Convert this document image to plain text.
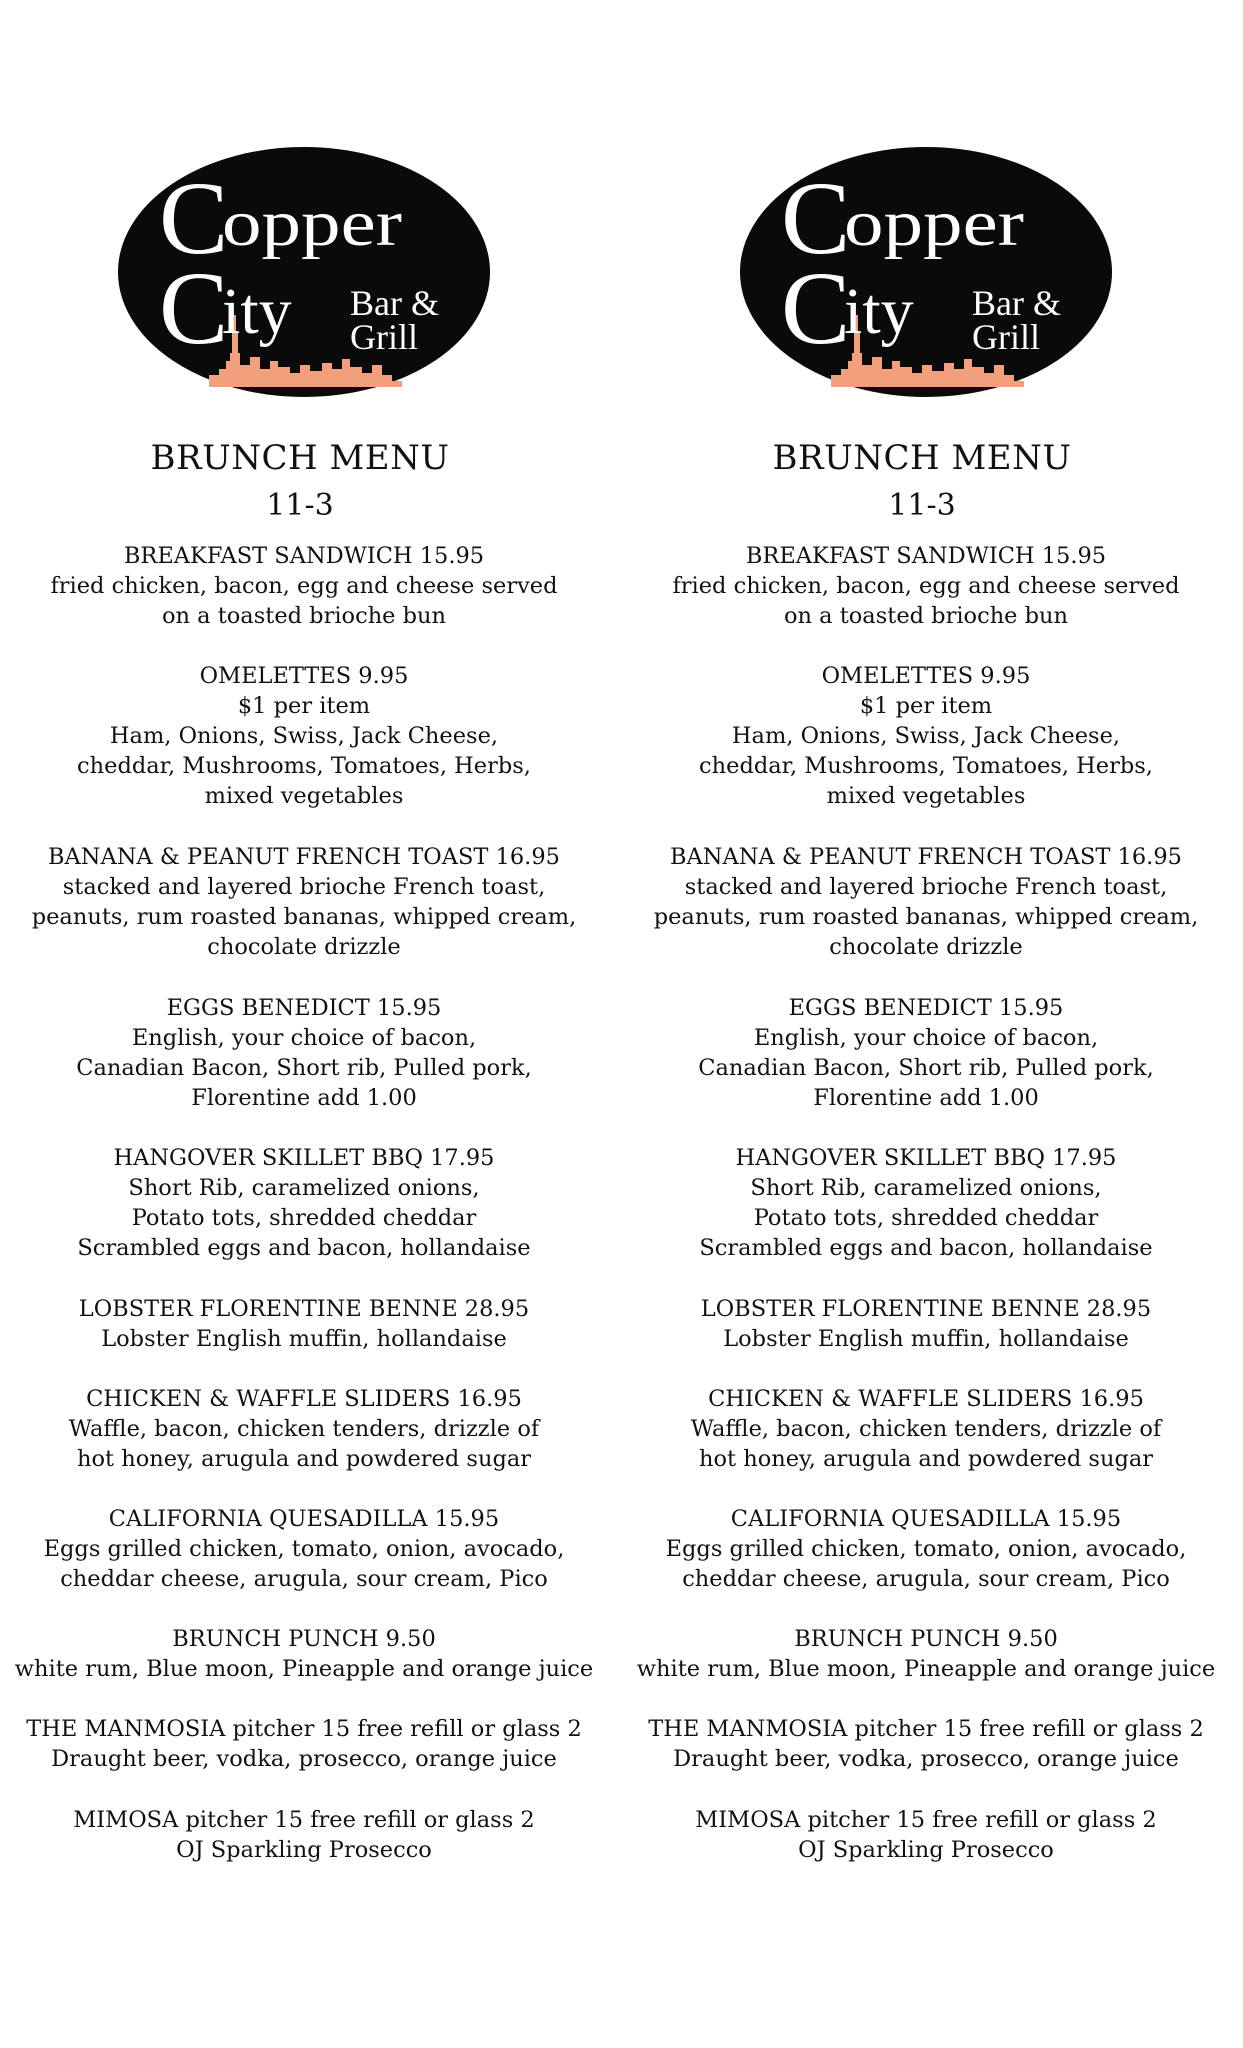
C
opper
C
ity Bar &
Grill
BRUNCH MENU
11-3
BREAKFAST SANDWICH 15.95
fried chicken, bacon, egg and cheese served
on a toasted brioche bun
OMELETTES 9.95
$1 per item
Ham, Onions, Swiss, Jack Cheese,
cheddar, Mushrooms, Tomatoes, Herbs,
mixed vegetables
BANANA & PEANUT FRENCH TOAST 16.95
stacked and layered brioche French toast,
peanuts, rum roasted bananas, whipped cream,
chocolate drizzle
EGGS BENEDICT 15.95
English, your choice of bacon,
Canadian Bacon, Short rib, Pulled pork,
Florentine add 1.00
HANGOVER SKILLET BBQ 17.95
Short Rib, caramelized onions,
Potato tots, shredded cheddar
Scrambled eggs and bacon, hollandaise
LOBSTER FLORENTINE BENNE 28.95
Lobster English muffin, hollandaise
CHICKEN & WAFFLE SLIDERS 16.95
Waffle, bacon, chicken tenders, drizzle of
hot honey, arugula and powdered sugar
CALIFORNIA QUESADILLA 15.95
Eggs grilled chicken, tomato, onion, avocado,
cheddar cheese, arugula, sour cream, Pico
BRUNCH PUNCH 9.50
white rum, Blue moon, Pineapple and orange juice
THE MANMOSIA pitcher 15 free refill or glass 2
Draught beer, vodka, prosecco, orange juice
MIMOSA pitcher 15 free refill or glass 2
OJ Sparkling Prosecco
C
opper
C
ity Bar &
Grill
BRUNCH MENU
11-3
BREAKFAST SANDWICH 15.95
fried chicken, bacon, egg and cheese served
on a toasted brioche bun
OMELETTES 9.95
$1 per item
Ham, Onions, Swiss, Jack Cheese,
cheddar, Mushrooms, Tomatoes, Herbs,
mixed vegetables
BANANA & PEANUT FRENCH TOAST 16.95
stacked and layered brioche French toast,
peanuts, rum roasted bananas, whipped cream,
chocolate drizzle
EGGS BENEDICT 15.95
English, your choice of bacon,
Canadian Bacon, Short rib, Pulled pork,
Florentine add 1.00
HANGOVER SKILLET BBQ 17.95
Short Rib, caramelized onions,
Potato tots, shredded cheddar
Scrambled eggs and bacon, hollandaise
LOBSTER FLORENTINE BENNE 28.95
Lobster English muffin, hollandaise
CHICKEN & WAFFLE SLIDERS 16.95
Waffle, bacon, chicken tenders, drizzle of
hot honey, arugula and powdered sugar
CALIFORNIA QUESADILLA 15.95
Eggs grilled chicken, tomato, onion, avocado,
cheddar cheese, arugula, sour cream, Pico
BRUNCH PUNCH 9.50
white rum, Blue moon, Pineapple and orange juice
THE MANMOSIA pitcher 15 free refill or glass 2
Draught beer, vodka, prosecco, orange juice
MIMOSA pitcher 15 free refill or glass 2
OJ Sparkling Prosecco
